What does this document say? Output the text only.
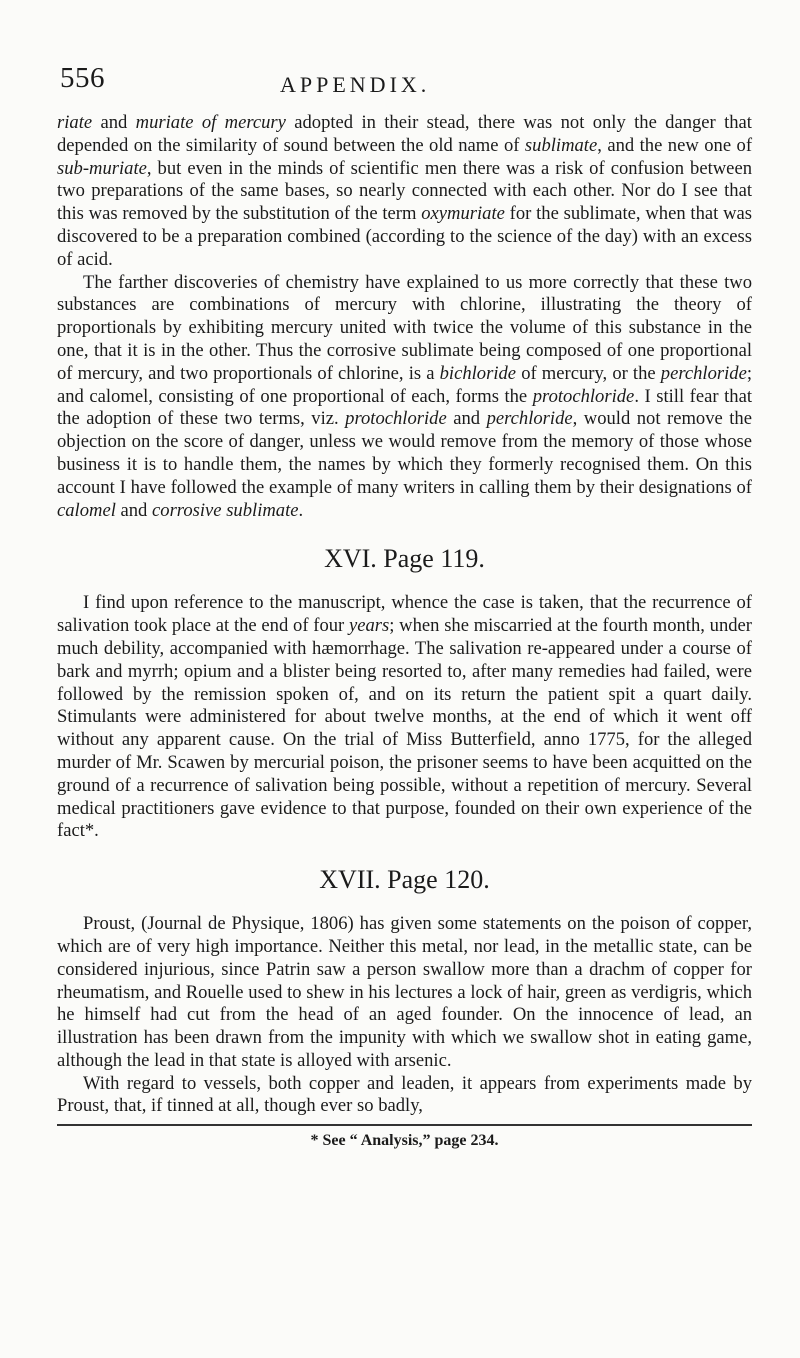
556	APPENDIX.

riate and muriate of mercury adopted in their stead, there was not only the danger that depended on the similarity of sound between the old name of sublimate, and the new one of sub-muriate, but even in the minds of scientific men there was a risk of confusion between two preparations of the same bases, so nearly connected with each other. Nor do I see that this was removed by the substitution of the term oxymuriate for the sublimate, when that was discovered to be a preparation combined (according to the science of the day) with an excess of acid.

The farther discoveries of chemistry have explained to us more correctly that these two substances are combinations of mercury with chlorine, illustrating the theory of proportionals by exhibiting mercury united with twice the volume of this substance in the one, that it is in the other. Thus the corrosive sublimate being composed of one proportional of mercury, and two proportionals of chlorine, is a bichloride of mercury, or the perchloride; and calomel, consisting of one proportional of each, forms the protochloride. I still fear that the adoption of these two terms, viz. protochloride and perchloride, would not remove the objection on the score of danger, unless we would remove from the memory of those whose business it is to handle them, the names by which they formerly recognised them. On this account I have followed the example of many writers in calling them by their designations of calomel and corrosive sublimate.

XVI. Page 119.

I find upon reference to the manuscript, whence the case is taken, that the recurrence of salivation took place at the end of four years; when she miscarried at the fourth month, under much debility, accompanied with hæmorrhage. The salivation re-appeared under a course of bark and myrrh; opium and a blister being resorted to, after many remedies had failed, were followed by the remission spoken of, and on its return the patient spit a quart daily. Stimulants were administered for about twelve months, at the end of which it went off without any apparent cause. On the trial of Miss Butterfield, anno 1775, for the alleged murder of Mr. Scawen by mercurial poison, the prisoner seems to have been acquitted on the ground of a recurrence of salivation being possible, without a repetition of mercury. Several medical practitioners gave evidence to that purpose, founded on their own experience of the fact*.

XVII. Page 120.

Proust, (Journal de Physique, 1806) has given some statements on the poison of copper, which are of very high importance. Neither this metal, nor lead, in the metallic state, can be considered injurious, since Patrin saw a person swallow more than a drachm of copper for rheumatism, and Rouelle used to shew in his lectures a lock of hair, green as verdigris, which he himself had cut from the head of an aged founder. On the innocence of lead, an illustration has been drawn from the impunity with which we swallow shot in eating game, although the lead in that state is alloyed with arsenic.

With regard to vessels, both copper and leaden, it appears from experiments made by Proust, that, if tinned at all, though ever so badly,

* See “ Analysis,” page 234.
